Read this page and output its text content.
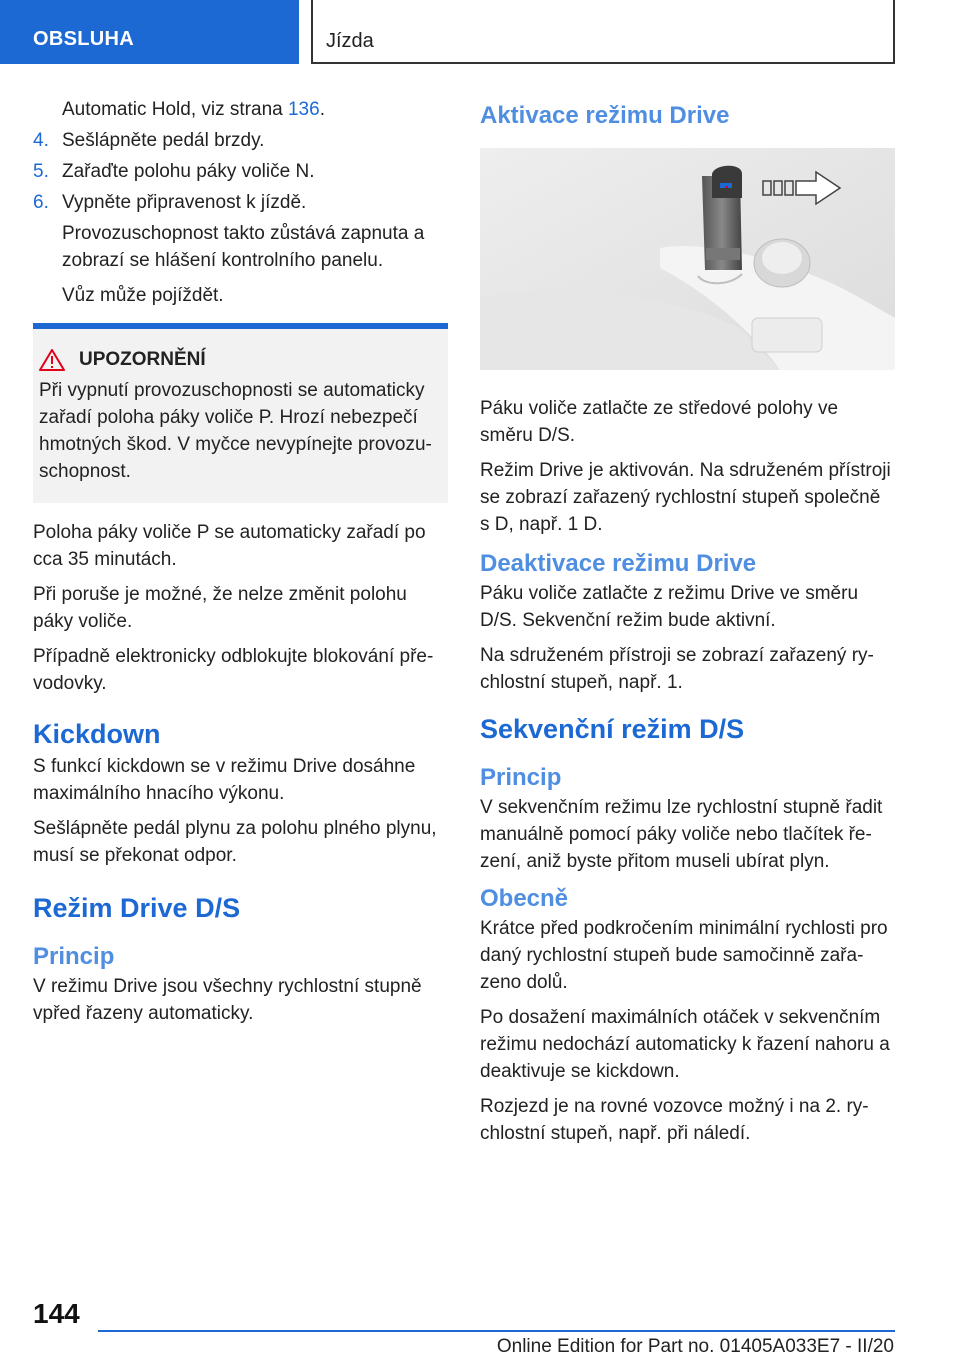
OBSLUHA	Jízda
Automatic Hold, viz strana 136.
4. Sešlápněte pedál brzdy.
5. Zařaďte polohu páky voliče N.
6. Vypněte připravenost k jízdě.

Provozuschopnost takto zůstává zapnuta a zobrazí se hlášení kontrolního panelu.

Vůz může pojíždět.

UPOZORNĚNÍ

Při vypnutí provozuschopnosti se automaticky zařadí poloha páky voliče P. Hrozí nebezpečí hmotných škod. V myčce nevypínejte provozuschopnost.

Poloha páky voliče P se automaticky zařadí po cca 35 minutách.

Při poruše je možné, že nelze změnit polohu páky voliče.

Případně elektronicky odblokujte blokování převodovky.

Kickdown

S funkcí kickdown se v režimu Drive dosáhne maximálního hnacího výkonu.

Sešlápněte pedál plynu za polohu plného plynu, musí se překonat odpor.

Režim Drive D/S
Princip

V režimu Drive jsou všechny rychlostní stupně vpřed řazeny automaticky.

Aktivace režimu Drive

Páku voliče zatlačte ze středové polohy ve směru D/S.

Režim Drive je aktivován. Na sdruženém přístroji se zobrazí zařazený rychlostní stupeň společně s D, např. 1 D.

Deaktivace režimu Drive

Páku voliče zatlačte z režimu Drive ve směru D/S. Sekvenční režim bude aktivní.

Na sdruženém přístroji se zobrazí zařazený rychlostní stupeň, např. 1.

Sekvenční režim D/S
Princip

V sekvenčním režimu lze rychlostní stupně řadit manuálně pomocí páky voliče nebo tlačítek řezení, aniž byste přitom museli ubírat plyn.

Obecně

Krátce před podkročením minimální rychlosti pro daný rychlostní stupeň bude samočinně zařazeno dolů.

Po dosažení maximálních otáček v sekvenčním režimu nedochází automaticky k řazení nahoru a deaktivuje se kickdown.

Rozjezd je na rovné vozovce možný i na 2. rychlostní stupeň, např. při náledí.

144
Online Edition for Part no. 01405A033E7 - II/20
